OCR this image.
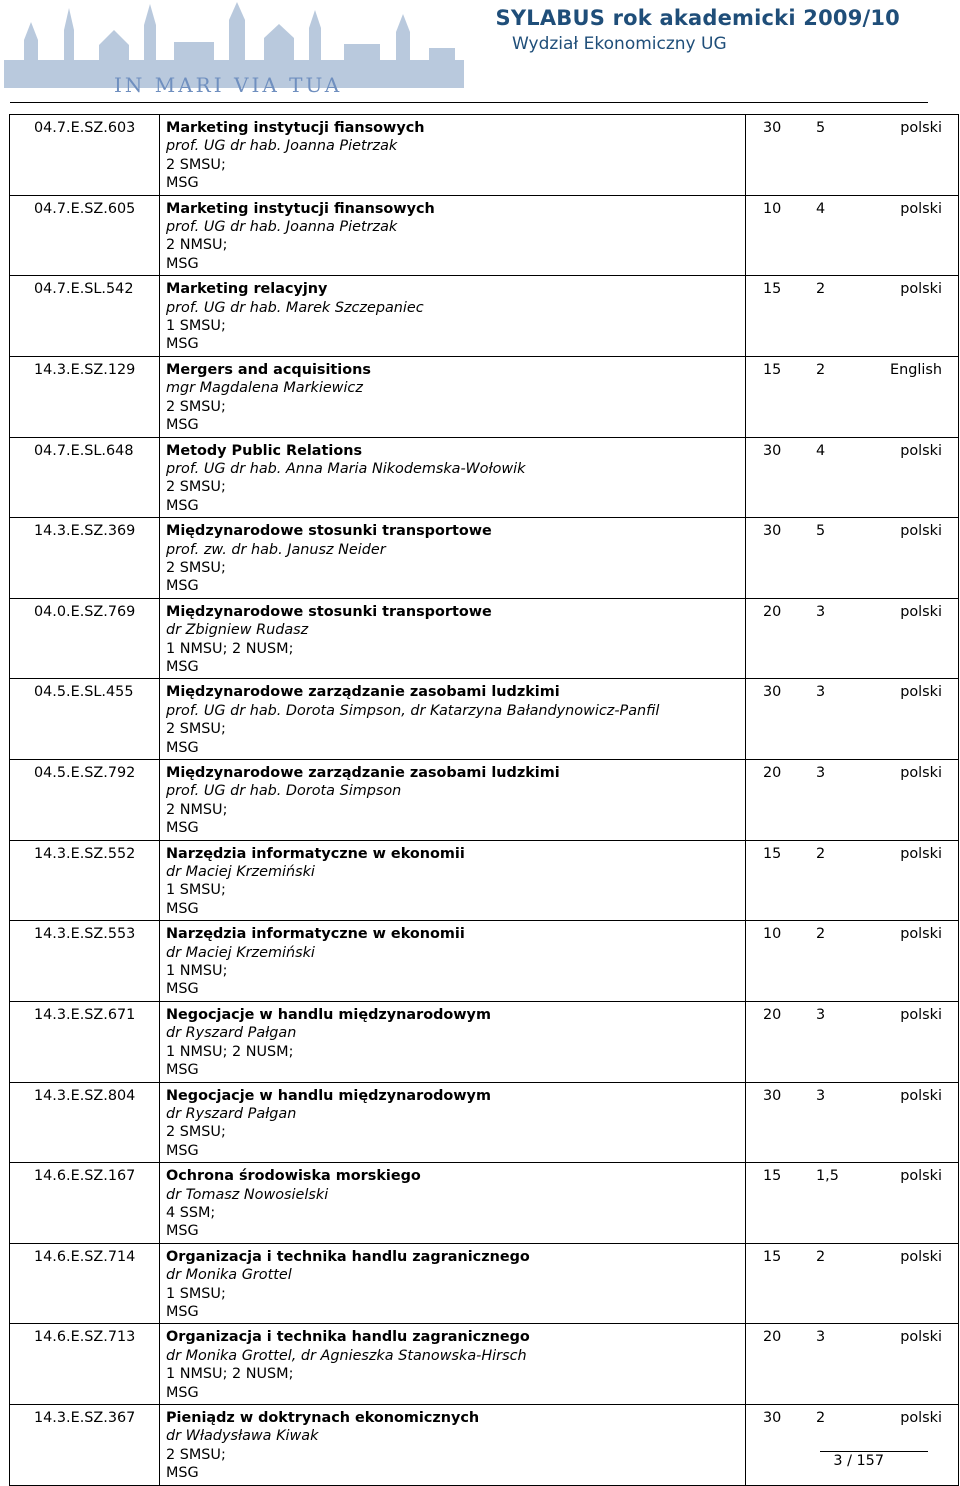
IN MARI VIA TUA
SYLABUS rok akademicki 2009/10
Wydział Ekonomiczny UG
04.7.E.SZ.603	Marketing instytucji fiansowych
prof. UG dr hab. Joanna Pietrzak
2 SMSU;
MSG	30 5 polski

04.7.E.SZ.605	Marketing instytucji finansowych
prof. UG dr hab. Joanna Pietrzak
2 NMSU;
MSG	10 4 polski

04.7.E.SL.542	Marketing relacyjny
prof. UG dr hab. Marek Szczepaniec
1 SMSU;
MSG	15 2 polski

14.3.E.SZ.129	Mergers and acquisitions
mgr Magdalena Markiewicz
2 SMSU;
MSG	15 2 English

04.7.E.SL.648	Metody Public Relations
prof. UG dr hab. Anna Maria Nikodemska-Wołowik
2 SMSU;
MSG	30 4 polski

14.3.E.SZ.369	Międzynarodowe stosunki transportowe
prof. zw. dr hab. Janusz Neider
2 SMSU;
MSG	30 5 polski

04.0.E.SZ.769	Międzynarodowe stosunki transportowe
dr Zbigniew Rudasz
1 NMSU; 2 NUSM;
MSG	20 3 polski

04.5.E.SL.455	Międzynarodowe zarządzanie zasobami ludzkimi
prof. UG dr hab. Dorota Simpson, dr Katarzyna Bałandynowicz-Panfil
2 SMSU;
MSG	30 3 polski

04.5.E.SZ.792	Międzynarodowe zarządzanie zasobami ludzkimi
prof. UG dr hab. Dorota Simpson
2 NMSU;
MSG	20 3 polski

14.3.E.SZ.552	Narzędzia informatyczne w ekonomii
dr Maciej Krzemiński
1 SMSU;
MSG	15 2 polski

14.3.E.SZ.553	Narzędzia informatyczne w ekonomii
dr Maciej Krzemiński
1 NMSU;
MSG	10 2 polski

14.3.E.SZ.671	Negocjacje w handlu międzynarodowym
dr Ryszard Pałgan
1 NMSU; 2 NUSM;
MSG	20 3 polski

14.3.E.SZ.804	Negocjacje w handlu międzynarodowym
dr Ryszard Pałgan
2 SMSU;
MSG	30 3 polski

14.6.E.SZ.167	Ochrona środowiska morskiego
dr Tomasz Nowosielski
4 SSM;
MSG	15 1,5 polski

14.6.E.SZ.714	Organizacja i technika handlu zagranicznego
dr Monika Grottel
1 SMSU;
MSG	15 2 polski

14.6.E.SZ.713	Organizacja i technika handlu zagranicznego
dr Monika Grottel, dr Agnieszka Stanowska-Hirsch
1 NMSU; 2 NUSM;
MSG	20 3 polski

14.3.E.SZ.367	Pieniądz w doktrynach ekonomicznych
dr Władysława Kiwak
2 SMSU;
MSG	30 2 polski
3 / 157
